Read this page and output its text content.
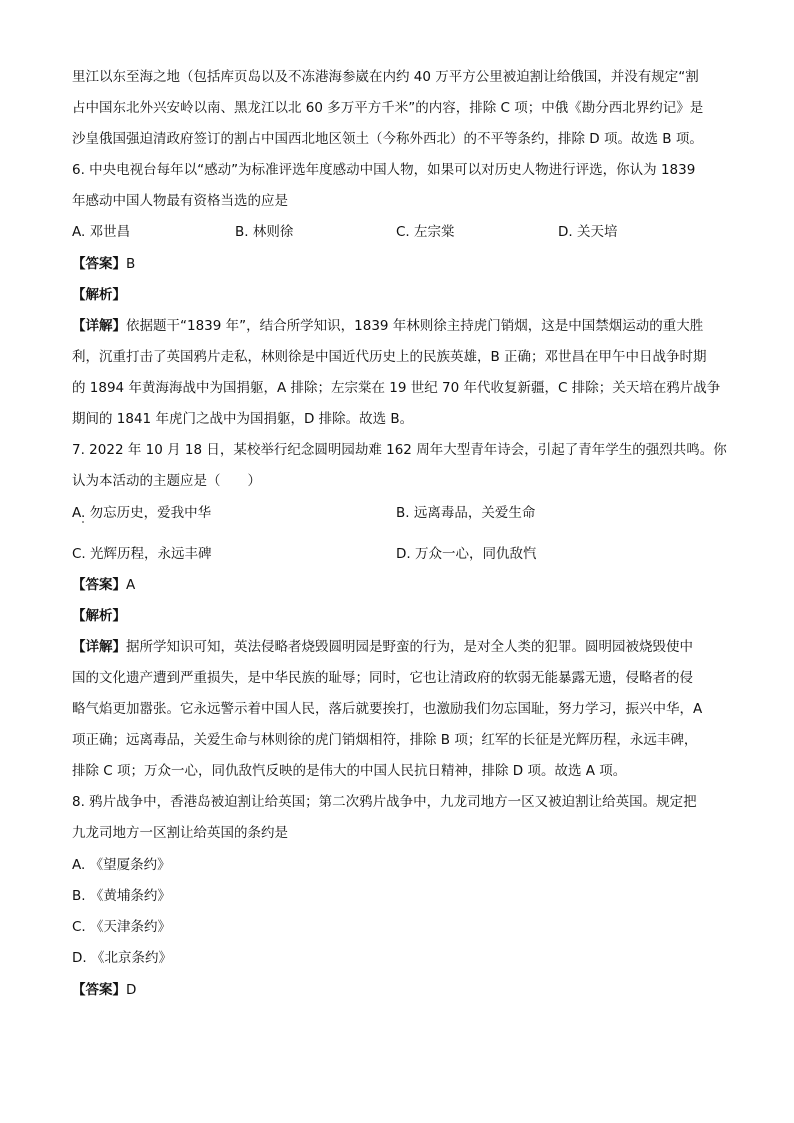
里江以东至海之地（包括库页岛以及不冻港海参崴在内约 40 万平方公里被迫割让给俄国，并没有规定“割
占中国东北外兴安岭以南、黑龙江以北 60 多万平方千米”的内容，排除 C 项；中俄《勘分西北界约记》是
沙皇俄国强迫清政府签订的割占中国西北地区领土（今称外西北）的不平等条约，排除 D 项。故选 B 项。
6. 中央电视台每年以“感动”为标准评选年度感动中国人物，如果可以对历史人物进行评选，你认为 1839
年感动中国人物最有资格当选的应是
A. 邓世昌	B. 林则徐	C. 左宗棠	D. 关天培
【答案】B
【解析】
【详解】依据题干“1839 年”，结合所学知识，1839 年林则徐主持虎门销烟，这是中国禁烟运动的重大胜
利，沉重打击了英国鸦片走私，林则徐是中国近代历史上的民族英雄，B 正确；邓世昌在甲午中日战争时期
的 1894 年黄海海战中为国捐躯，A 排除；左宗棠在 19 世纪 70 年代收复新疆，C 排除；关天培在鸦片战争
期间的 1841 年虎门之战中为国捐躯，D 排除。故选 B。
7. 2022 年 10 月 18 日，某校举行纪念圆明园劫难 162 周年大型青年诗会，引起了青年学生的强烈共鸣。你
认为本活动的主题应是（　　）
A. 勿忘历史，爱我中华	B. 远离毒品，关爱生命
C. 光辉历程，永远丰碑	D. 万众一心，同仇敌忾
【答案】A
【解析】
【详解】据所学知识可知，英法侵略者烧毁圆明园是野蛮的行为，是对全人类的犯罪。圆明园被烧毁使中
国的文化遗产遭到严重损失，是中华民族的耻辱；同时，它也让清政府的软弱无能暴露无遗，侵略者的侵
略气焰更加嚣张。它永远警示着中国人民，落后就要挨打，也激励我们勿忘国耻，努力学习，振兴中华，A
项正确；远离毒品，关爱生命与林则徐的虎门销烟相符，排除 B 项；红军的长征是光辉历程，永远丰碑，
排除 C 项；万众一心，同仇敌忾反映的是伟大的中国人民抗日精神，排除 D 项。故选 A 项。
8. 鸦片战争中，香港岛被迫割让给英国；第二次鸦片战争中，九龙司地方一区又被迫割让给英国。规定把
九龙司地方一区割让给英国的条约是
A. 《望厦条约》
B. 《黄埔条约》
C. 《天津条约》
D. 《北京条约》
【答案】D
